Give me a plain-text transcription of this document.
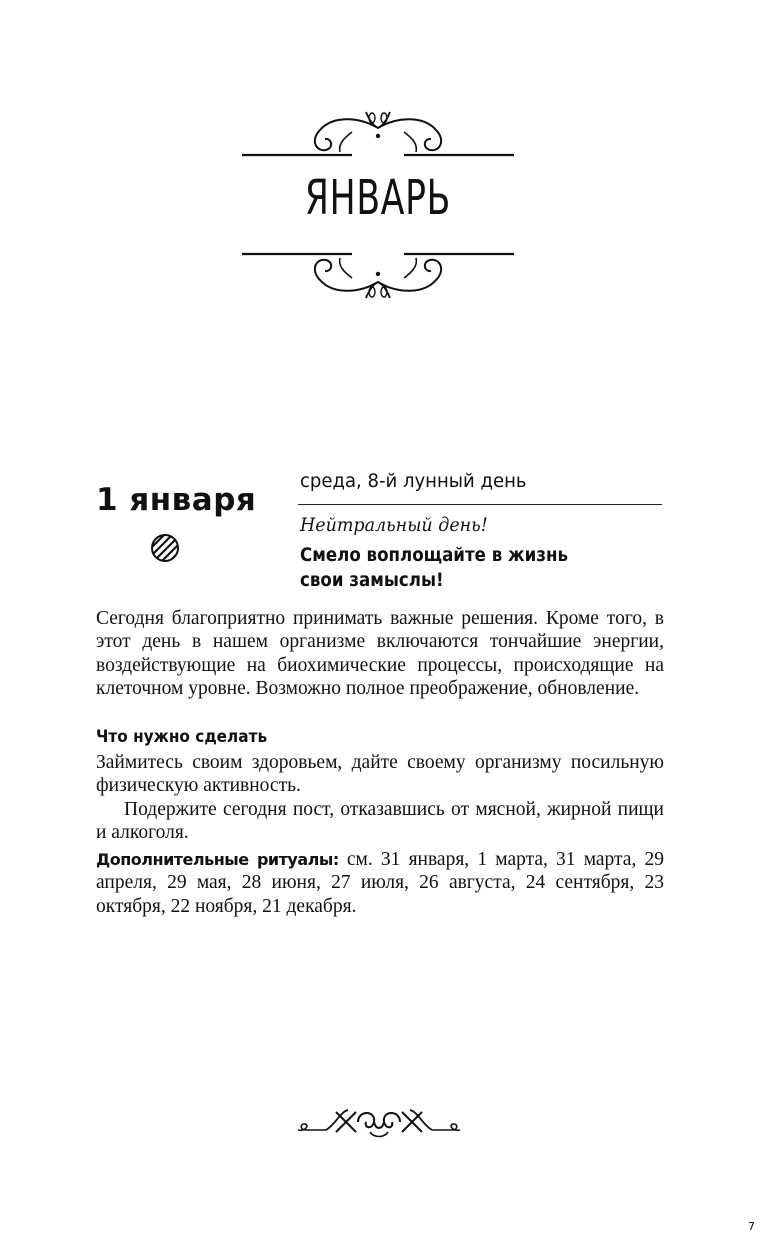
ЯНВАРЬ
1 января
среда, 8-й лунный день
Нейтральный день!
Смело воплощайте в жизнь
свои замыслы!
Сегодня благоприятно принимать важные решения. Кроме того, в этот день в нашем организме включаются тончайшие энергии, воздействующие на биохимические процессы, происходящие на клеточном уровне. Возможно полное преображение, обновление.
Что нужно сделать

Займитесь своим здоровьем, дайте своему организму посильную физическую активность.

Подержите сегодня пост, отказавшись от мясной, жирной пищи и алкоголя.

Дополнительные ритуалы: см. 31 января, 1 марта, 31 марта, 29 апреля, 29 мая, 28 июня, 27 июля, 26 августа, 24 сентября, 23 октября, 22 ноября, 21 декабря.
7
